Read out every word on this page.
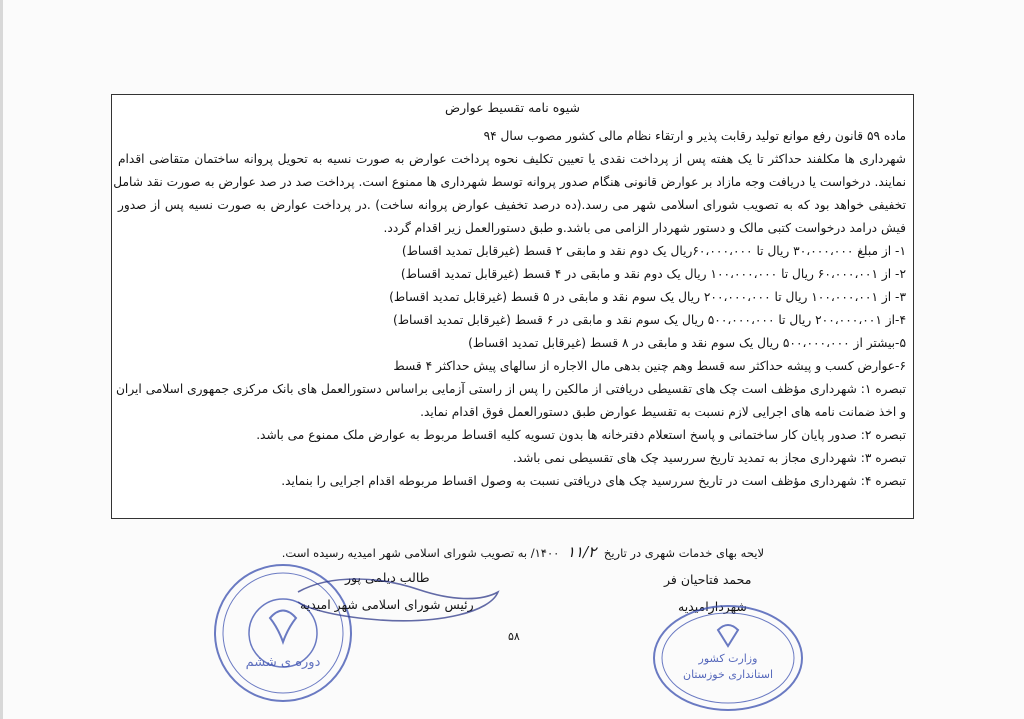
شیوه نامه تقسیط عوارض
ماده ۵۹ قانون رفع موانع تولید رقابت پذیر و ارتقاء نظام مالی کشور مصوب سال ۹۴
شهرداری ها مکلفند حداکثر تا یک هفته پس از پرداخت نقدی یا تعیین تکلیف نحوه پرداخت عوارض به صورت نسیه به تحویل پروانه ساختمان متقاضی اقدام
نمایند. درخواست یا دریافت وجه مازاد بر عوارض قانونی هنگام صدور پروانه توسط شهرداری ها ممنوع است. پرداخت صد در صد عوارض به صورت نقد شامل
تخفیفی خواهد بود که به تصویب شورای اسلامی شهر می رسد.(ده درصد تخفیف عوارض پروانه ساخت) .در پرداخت عوارض به صورت نسیه پس از صدور
فیش درامد درخواست کتبی مالک و دستور شهردار الزامی می باشد.و طبق دستورالعمل زیر اقدام گردد.
۱- از مبلغ ۳۰،۰۰۰،۰۰۰ ریال تا ۶۰،۰۰۰،۰۰۰ریال یک دوم نقد و مابقی ۲ قسط (غیرقابل تمدید اقساط)
۲- از ۶۰،۰۰۰،۰۰۱ ریال تا ۱۰۰،۰۰۰،۰۰۰ ریال یک دوم نقد و مابقی در ۴ قسط (غیرقابل تمدید اقساط)
۳- از ۱۰۰،۰۰۰،۰۰۱ ریال تا ۲۰۰،۰۰۰،۰۰۰ ریال یک سوم نقد و مابقی در ۵ قسط (غیرقابل تمدید اقساط)
۴-از ۲۰۰،۰۰۰،۰۰۱ ریال تا ۵۰۰،۰۰۰،۰۰۰ ریال یک سوم نقد و مابقی در ۶ قسط (غیرقابل تمدید اقساط)
۵-بیشتر از ۵۰۰،۰۰۰،۰۰۰ ریال یک سوم نقد و مابقی در ۸ قسط (غیرقابل تمدید اقساط)
۶-عوارض کسب و پیشه حداکثر سه قسط وهم چنین بدهی مال الاجاره از سالهای پیش حداکثر ۴ قسط
تبصره ۱: شهرداری مؤظف است چک های تقسیطی دریافتی از مالکین را پس از راستی آزمایی براساس دستورالعمل های بانک مرکزی جمهوری اسلامی ایران
و اخذ ضمانت نامه های اجرایی لازم نسبت به تقسیط عوارض طبق دستورالعمل فوق اقدام نماید.
تبصره ۲: صدور پایان کار ساختمانی و پاسخ استعلام دفترخانه ها بدون تسویه کلیه اقساط مربوط به عوارض ملک ممنوع می باشد.
تبصره ۳: شهرداری مجاز به تمدید تاریخ سررسید چک های تقسیطی نمی باشد.
تبصره ۴: شهرداری مؤظف است در تاریخ سررسید چک های دریافتی نسبت به وصول اقساط مربوطه اقدام اجرایی را بنماید.
لایحه بهای خدمات شهری در تاریخ ۱۱/۲ ۱۴۰۰/ به تصویب شورای اسلامی شهر امیدیه رسیده است.
دوره ی ششم
طالب دیلمی پور
رئیس شورای اسلامی شهر امیدیه
۵۸
محمد فتاحیان فر
شهردارامیدیه
وزارت کشور
استانداری خوزستان
